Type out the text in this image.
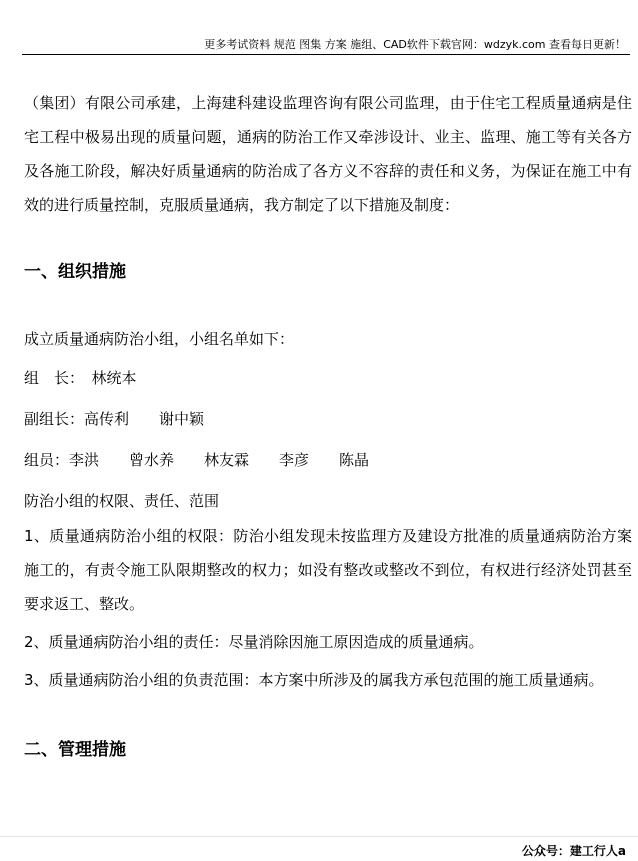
更多考试资料 规范 图集 方案 施组、CAD软件下载官网：wdzyk.com 查看每日更新！

（集团）有限公司承建，上海建科建设监理咨询有限公司监理，由于住宅工程质量通病是住宅工程中极易出现的质量问题，通病的防治工作又牵涉设计、业主、监理、施工等有关各方及各施工阶段，解决好质量通病的防治成了各方义不容辞的责任和义务，为保证在施工中有效的进行质量控制，克服质量通病，我方制定了以下措施及制度：

一、组织措施

成立质量通病防治小组，小组名单如下：

组　长：　林统本

副组长：高传利　　谢中颖

组员：李洪　　曾水养　　林友霖　　李彦　　陈晶

防治小组的权限、责任、范围

1、质量通病防治小组的权限：防治小组发现未按监理方及建设方批准的质量通病防治方案施工的，有责令施工队限期整改的权力；如没有整改或整改不到位，有权进行经济处罚甚至要求返工、整改。

2、质量通病防治小组的责任：尽量消除因施工原因造成的质量通病。

3、质量通病防治小组的负责范围：本方案中所涉及的属我方承包范围的施工质量通病。

二、管理措施

公众号：建工行人a
